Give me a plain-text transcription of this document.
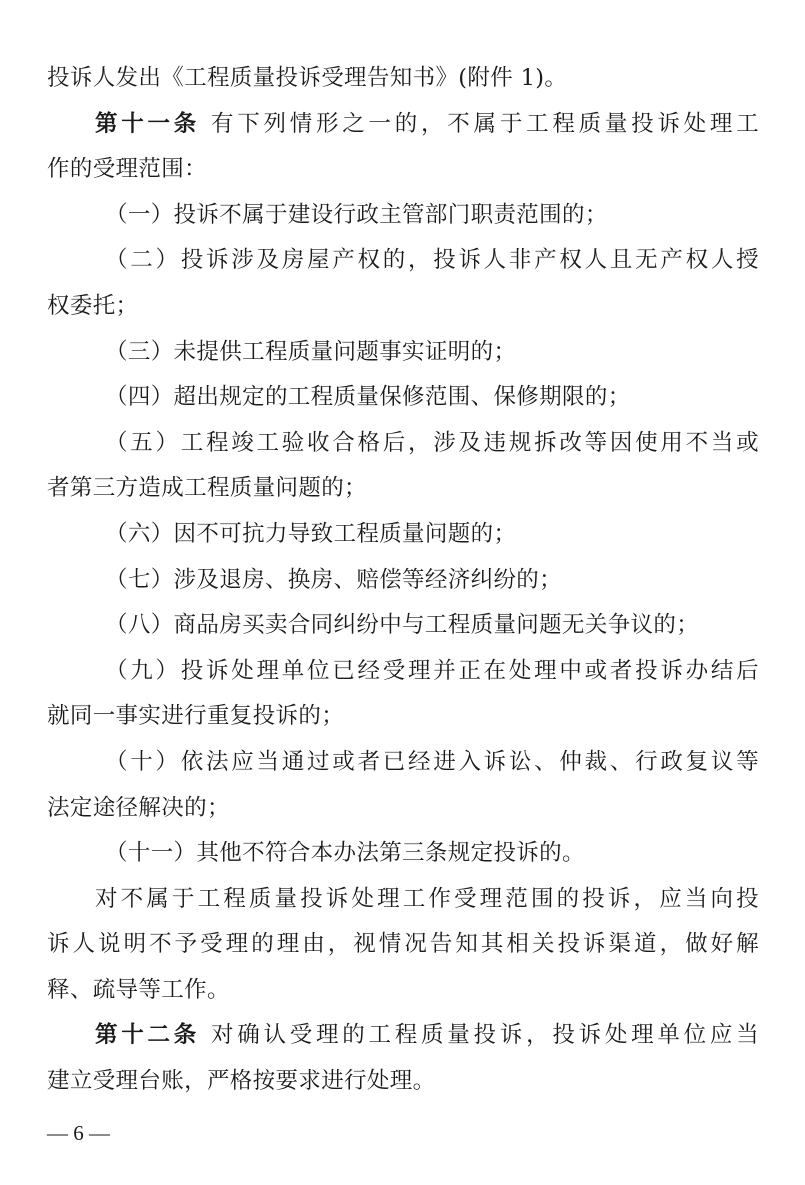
投诉人发出《工程质量投诉受理告知书》(附件 1)。
第十一条 有下列情形之一的，不属于工程质量投诉处理工
作的受理范围：
（一）投诉不属于建设行政主管部门职责范围的；
（二）投诉涉及房屋产权的，投诉人非产权人且无产权人授
权委托；
（三）未提供工程质量问题事实证明的；
（四）超出规定的工程质量保修范围、保修期限的；
（五）工程竣工验收合格后，涉及违规拆改等因使用不当或
者第三方造成工程质量问题的；
（六）因不可抗力导致工程质量问题的；
（七）涉及退房、换房、赔偿等经济纠纷的；
（八）商品房买卖合同纠纷中与工程质量问题无关争议的；
（九）投诉处理单位已经受理并正在处理中或者投诉办结后
就同一事实进行重复投诉的；
（十）依法应当通过或者已经进入诉讼、仲裁、行政复议等
法定途径解决的；
（十一）其他不符合本办法第三条规定投诉的。
对不属于工程质量投诉处理工作受理范围的投诉，应当向投
诉人说明不予受理的理由，视情况告知其相关投诉渠道，做好解
释、疏导等工作。
第十二条 对确认受理的工程质量投诉，投诉处理单位应当
建立受理台账，严格按要求进行处理。
— 6 —
